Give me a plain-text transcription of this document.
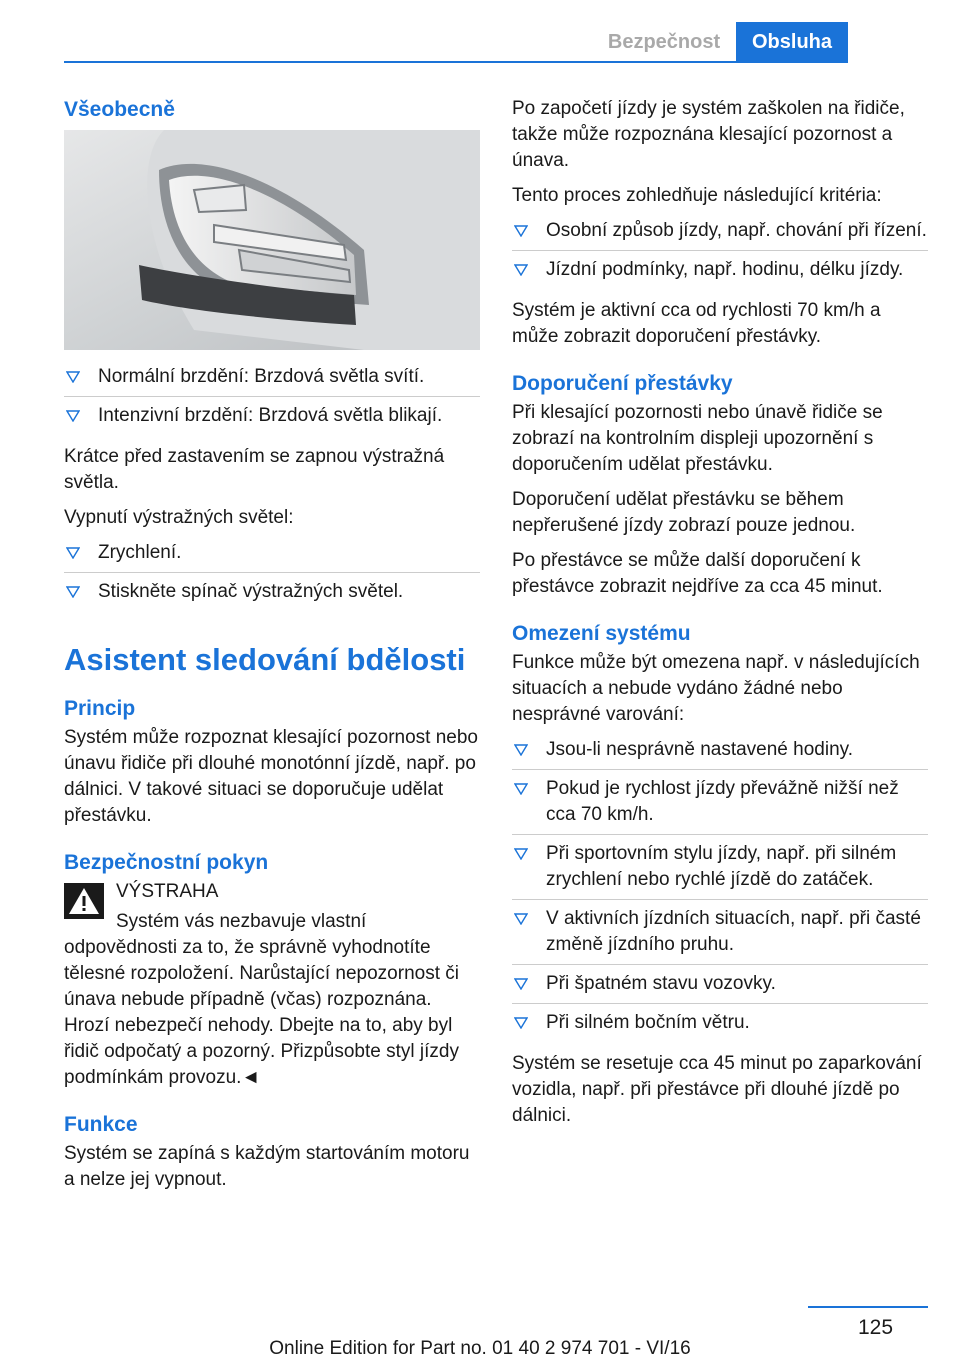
Bezpečnost	Obsluha
Všeobecně
Normální brzdění: Brzdová světla svítí.
Intenzivní brzdění: Brzdová světla blikají.

Krátce před zastavením se zapnou výstražná světla.

Vypnutí výstražných světel:

Zrychlení.
Stiskněte spínač výstražných světel.
Asistent sledování bdělosti
Princip

Systém může rozpoznat klesající pozornost nebo únavu řidiče při dlouhé monotónní jízdě, např. po dálnici. V takové situaci se doporučuje udělat přestávku.

Bezpečnostní pokyn

VÝSTRAHA

Systém vás nezbavuje vlastní odpovědnosti za to, že správně vyhodnotíte tělesné rozpoložení. Narůstající nepozornost či únava nebude případně (včas) rozpoznána. Hrozí nebezpečí nehody. Dbejte na to, aby byl řidič odpočatý a pozorný. Přizpůsobte styl jízdy podmínkám provozu.◄

Funkce

Systém se zapíná s každým startováním motoru a nelze jej vypnout.

Po započetí jízdy je systém zaškolen na řidiče, takže může rozpoznána klesající pozornost a únava.

Tento proces zohledňuje následující kritéria:

Osobní způsob jízdy, např. chování při řízení.
Jízdní podmínky, např. hodinu, délku jízdy.

Systém je aktivní cca od rychlosti 70 km/h a může zobrazit doporučení přestávky.

Doporučení přestávky

Při klesající pozornosti nebo únavě řidiče se zobrazí na kontrolním displeji upozornění s doporučením udělat přestávku.

Doporučení udělat přestávku se během nepřerušené jízdy zobrazí pouze jednou.

Po přestávce se může další doporučení k přestávce zobrazit nejdříve za cca 45 minut.

Omezení systému

Funkce může být omezena např. v následujících situacích a nebude vydáno žádné nebo nesprávné varování:

Jsou-li nesprávně nastavené hodiny.
Pokud je rychlost jízdy převážně nižší než cca 70 km/h.
Při sportovním stylu jízdy, např. při silném zrychlení nebo rychlé jízdě do zatáček.
V aktivních jízdních situacích, např. při časté změně jízdního pruhu.
Při špatném stavu vozovky.
Při silném bočním větru.

Systém se resetuje cca 45 minut po zaparkování vozidla, např. při přestávce při dlouhé jízdě po dálnici.

125
Online Edition for Part no. 01 40 2 974 701 - VI/16
